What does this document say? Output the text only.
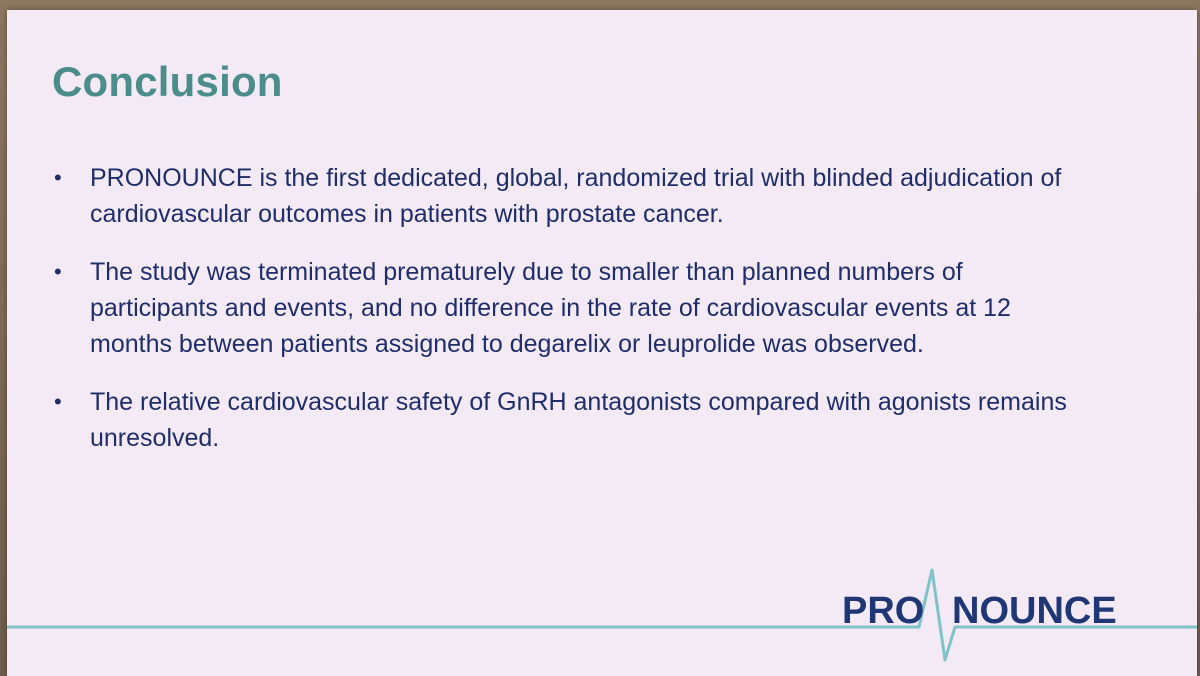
Conclusion
• PRONOUNCE is the first dedicated, global, randomized trial with blinded adjudication of cardiovascular outcomes in patients with prostate cancer.
• The study was terminated prematurely due to smaller than planned numbers of participants and events, and no difference in the rate of cardiovascular events at 12 months between patients assigned to degarelix or leuprolide was observed.
• The relative cardiovascular safety of GnRH antagonists compared with agonists remains unresolved.
PRO NOUNCE
